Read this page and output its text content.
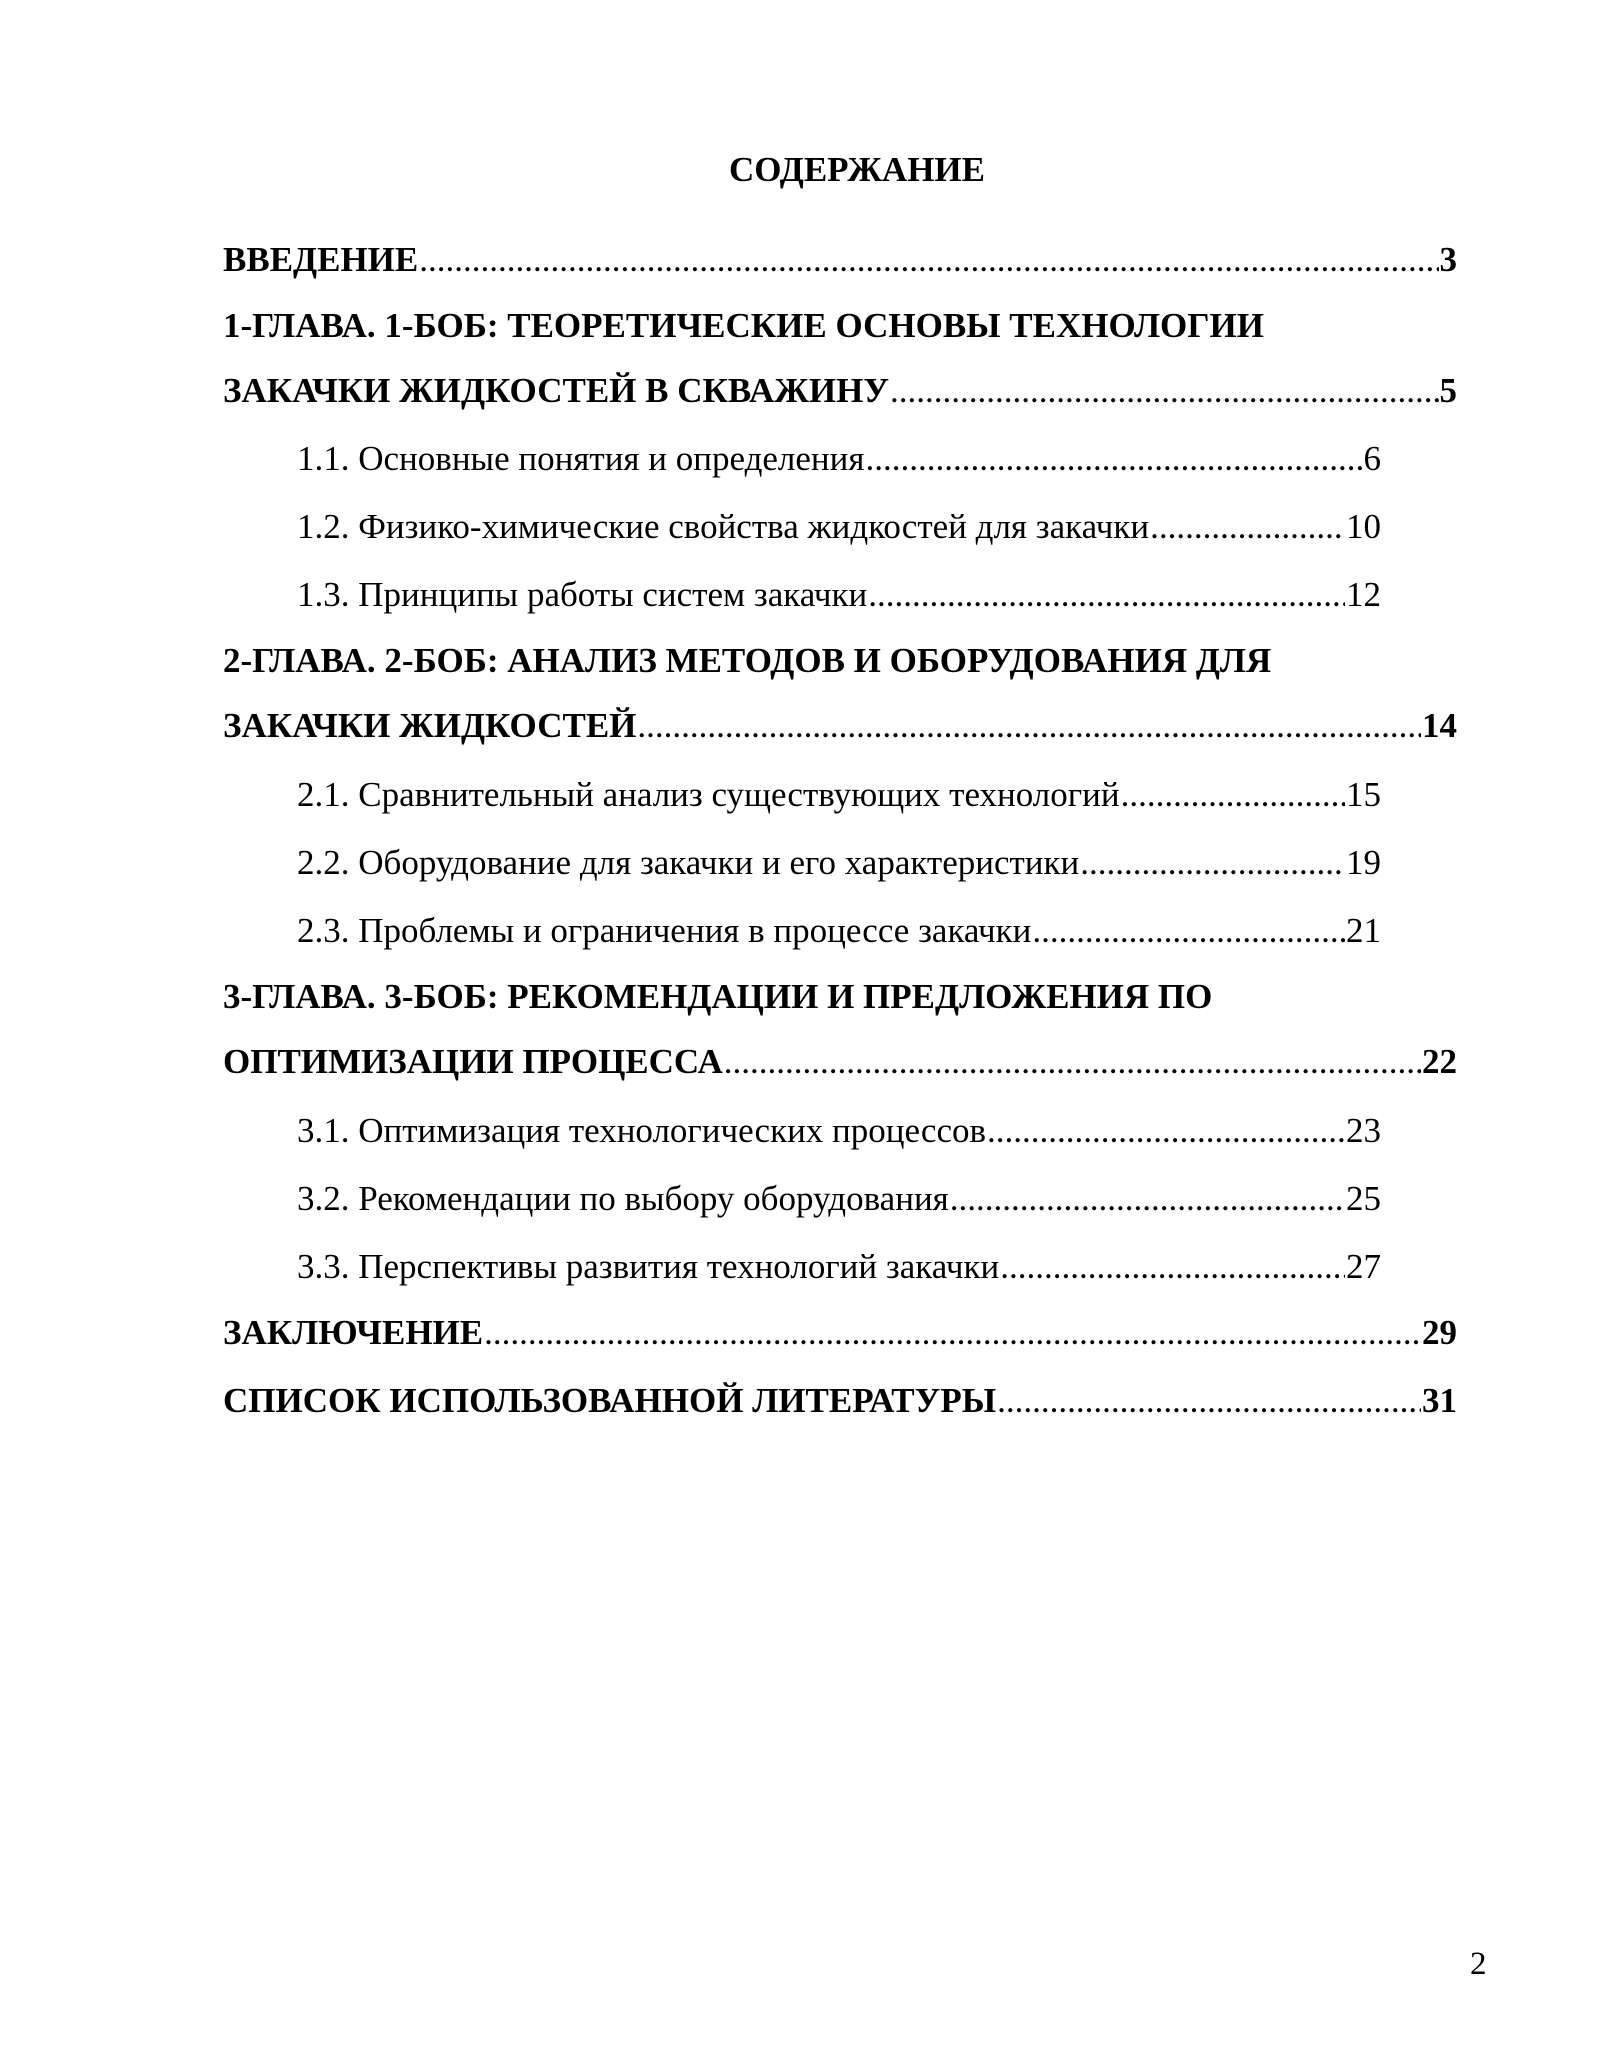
СОДЕРЖАНИЕ
ВВЕДЕНИЕ .....	3
1-ГЛАВА. 1-БОБ: ТЕОРЕТИЧЕСКИЕ ОСНОВЫ ТЕХНОЛОГИИ
ЗАКАЧКИ ЖИДКОСТЕЙ В СКВАЖИНУ .....	5
1.1. Основные понятия и определения .....	6
1.2. Физико-химические свойства жидкостей для закачки .....	10
1.3. Принципы работы систем закачки .....	12
2-ГЛАВА. 2-БОБ: АНАЛИЗ МЕТОДОВ И ОБОРУДОВАНИЯ ДЛЯ
ЗАКАЧКИ ЖИДКОСТЕЙ .....	14
2.1. Сравнительный анализ существующих технологий .....	15
2.2. Оборудование для закачки и его характеристики .....	19
2.3. Проблемы и ограничения в процессе закачки .....	21
3-ГЛАВА. 3-БОБ: РЕКОМЕНДАЦИИ И ПРЕДЛОЖЕНИЯ ПО
ОПТИМИЗАЦИИ ПРОЦЕССА .....	22
3.1. Оптимизация технологических процессов .....	23
3.2. Рекомендации по выбору оборудования .....	25
3.3. Перспективы развития технологий закачки .....	27
ЗАКЛЮЧЕНИЕ .....	29
СПИСОК ИСПОЛЬЗОВАННОЙ ЛИТЕРАТУРЫ .....	31
2
